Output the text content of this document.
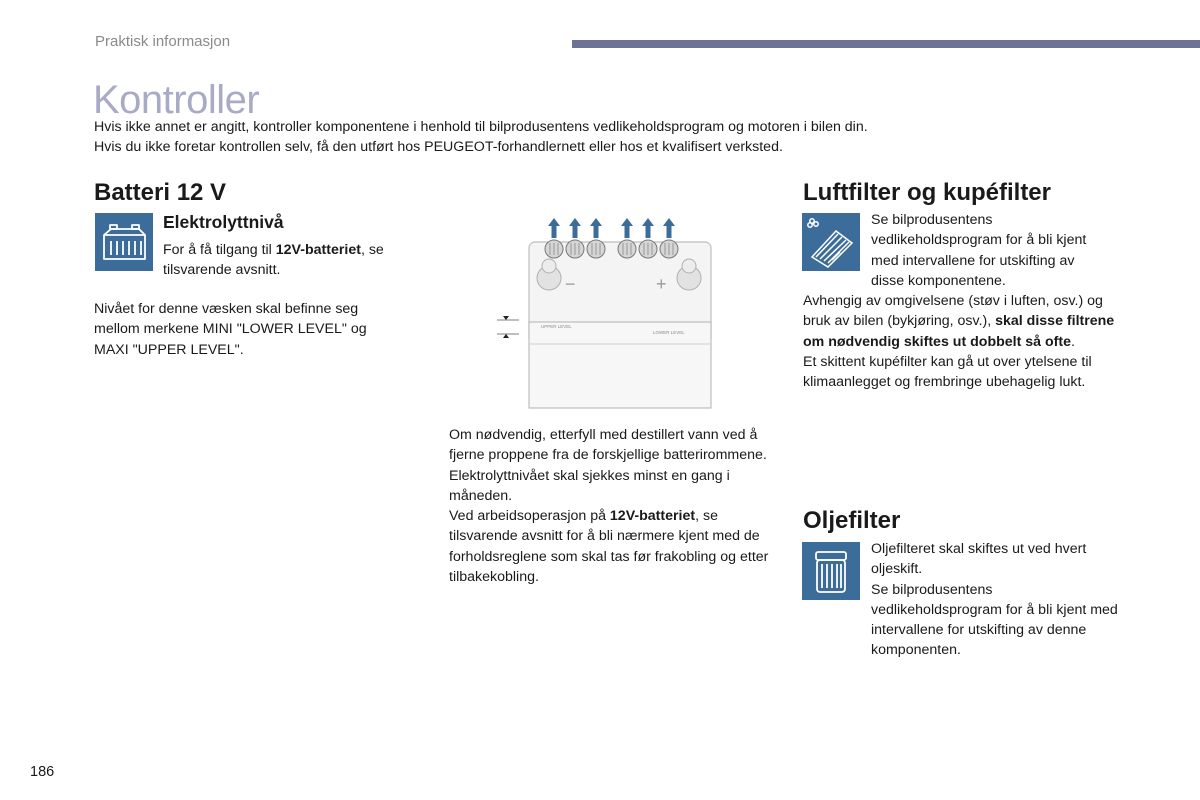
Praktisk informasjon
Kontroller

Hvis ikke annet er angitt, kontroller komponentene i henhold til bilprodusentens vedlikeholdsprogram og motoren i bilen din.

Hvis du ikke foretar kontrollen selv, få den utført hos PEUGEOT-forhandlernett eller hos et kvalifisert verksted.

Batteri 12 V
Elektrolyttnivå

For å få tilgang til 12V-batteriet, se tilsvarende avsnitt.

Nivået for denne væsken skal befinne seg mellom merkene MINI "LOWER LEVEL" og MAXI "UPPER LEVEL".

−	+
UPPER LEVEL
LOWER LEVEL

Om nødvendig, etterfyll med destillert vann ved å fjerne proppene fra de forskjellige batterirommene.

Elektrolyttnivået skal sjekkes minst en gang i måneden.

Ved arbeidsoperasjon på 12V-batteriet, se tilsvarende avsnitt for å bli nærmere kjent med de forholdsreglene som skal tas før frakobling og etter tilbakekobling.

Luftfilter og kupéfilter

Se bilprodusentens vedlikeholdsprogram for å bli kjent med intervallene for utskifting av disse komponentene.

Avhengig av omgivelsene (støv i luften, osv.) og bruk av bilen (bykjøring, osv.), skal disse filtrene om nødvendig skiftes ut dobbelt så ofte.

Et skittent kupéfilter kan gå ut over ytelsene til klimaanlegget og frembringe ubehagelig lukt.

Oljefilter

Oljefilteret skal skiftes ut ved hvert oljeskift.

Se bilprodusentens vedlikeholdsprogram for å bli kjent med intervallene for utskifting av denne komponenten.

186
